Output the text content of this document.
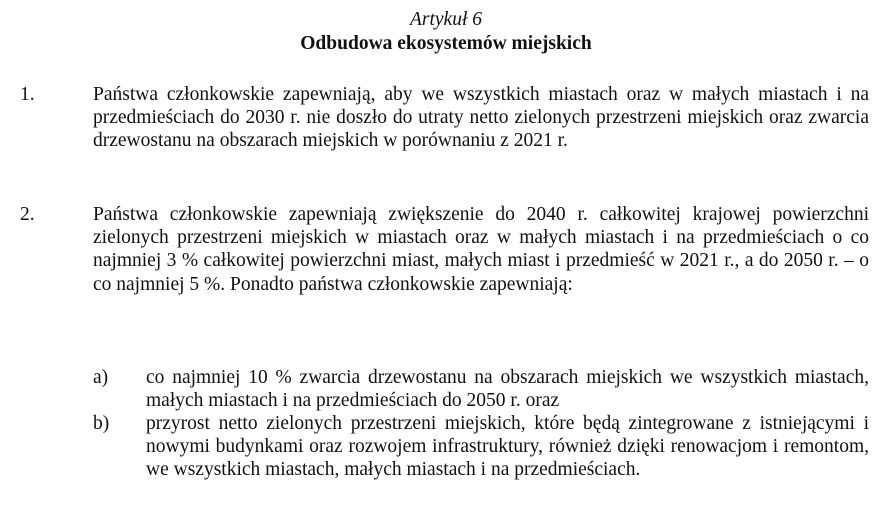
Artykuł 6
Odbudowa ekosystemów miejskich
1.	Państwa członkowskie zapewniają, aby we wszystkich miastach oraz w małych miastach i na przedmieściach do 2030 r. nie doszło do utraty netto zielonych przestrzeni miejskich oraz zwarcia drzewostanu na obszarach miejskich w porównaniu z 2021 r.
2.	Państwa członkowskie zapewniają zwiększenie do 2040 r. całkowitej krajowej powierzchni zielonych przestrzeni miejskich w miastach oraz w małych miastach i na przedmieściach o co najmniej 3 % całkowitej powierzchni miast, małych miast i przedmieść w 2021 r., a do 2050 r. – o co najmniej 5 %. Ponadto państwa członkowskie zapewniają:
a) co najmniej 10 % zwarcia drzewostanu na obszarach miejskich we wszystkich miastach, małych miastach i na przedmieściach do 2050 r. oraz
b) przyrost netto zielonych przestrzeni miejskich, które będą zintegrowane z istniejącymi i nowymi budynkami oraz rozwojem infrastruktury, również dzięki renowacjom i remontom, we wszystkich miastach, małych miastach i na przedmieściach.
